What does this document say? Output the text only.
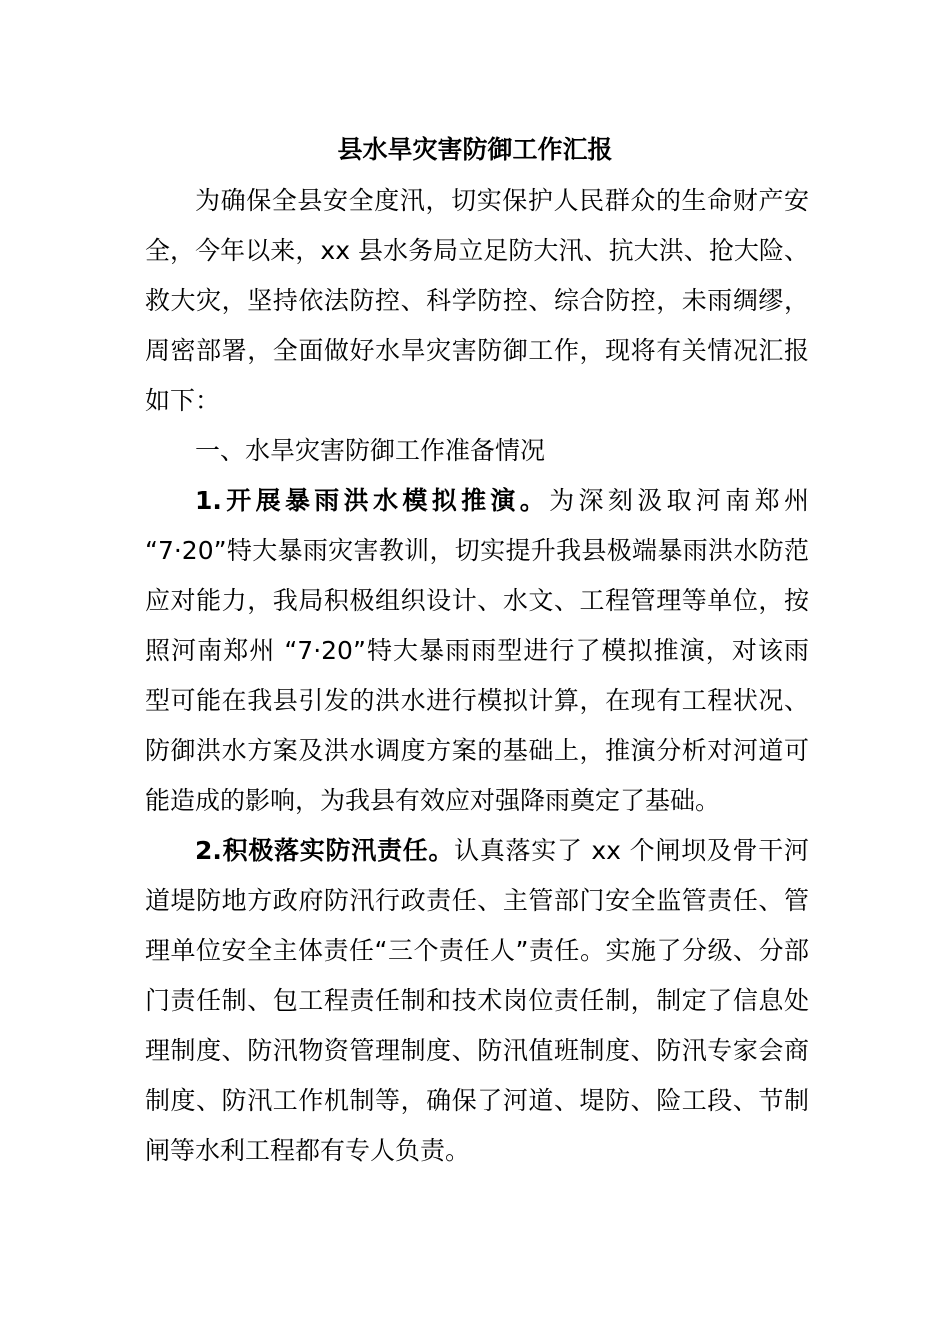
县水旱灾害防御工作汇报

为确保全县安全度汛，切实保护人民群众的生命财产安全，今年以来，xx 县水务局立足防大汛、抗大洪、抢大险、救大灾，坚持依法防控、科学防控、综合防控，未雨绸缪，周密部署，全面做好水旱灾害防御工作，现将有关情况汇报如下：

一、水旱灾害防御工作准备情况

1.开展暴雨洪水模拟推演。为深刻汲取河南郑州 “7·20”特大暴雨灾害教训，切实提升我县极端暴雨洪水防范应对能力，我局积极组织设计、水文、工程管理等单位，按照河南郑州 “7·20”特大暴雨雨型进行了模拟推演，对该雨型可能在我县引发的洪水进行模拟计算，在现有工程状况、防御洪水方案及洪水调度方案的基础上，推演分析对河道可能造成的影响，为我县有效应对强降雨奠定了基础。

2.积极落实防汛责任。认真落实了 xx 个闸坝及骨干河道堤防地方政府防汛行政责任、主管部门安全监管责任、管理单位安全主体责任“三个责任人”责任。实施了分级、分部门责任制、包工程责任制和技术岗位责任制，制定了信息处理制度、防汛物资管理制度、防汛值班制度、防汛专家会商制度、防汛工作机制等，确保了河道、堤防、险工段、节制闸等水利工程都有专人负责。
